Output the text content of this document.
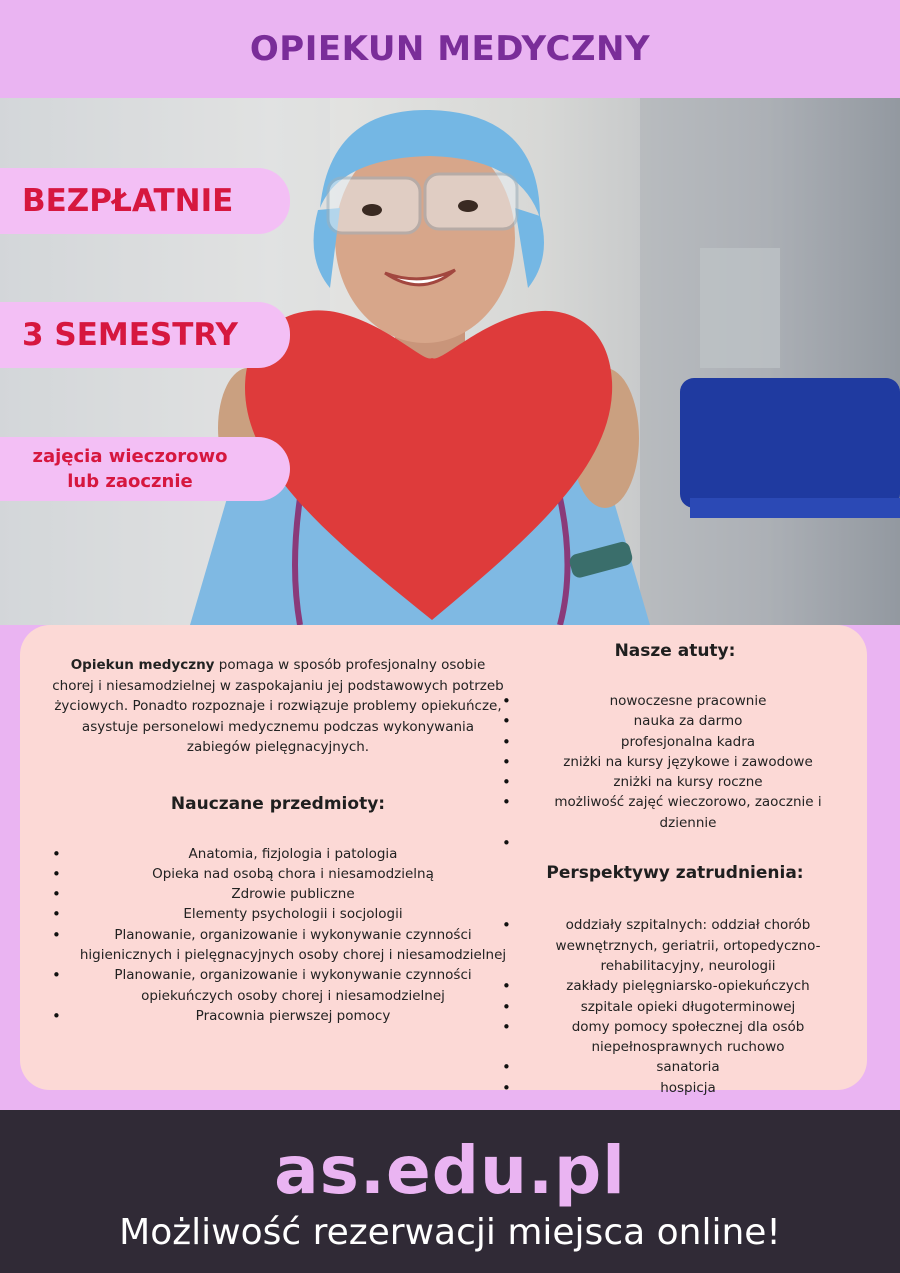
OPIEKUN MEDYCZNY
BEZPŁATNIE
3 SEMESTRY
zajęcia wieczorowo
lub zaocznie

Opiekun medyczny pomaga w sposób profesjonalny osobie chorej i niesamodzielnej w zaspokajaniu jej podstawowych potrzeb życiowych. Ponadto rozpoznaje i rozwiązuje problemy opiekuńcze, asystuje personelowi medycznemu podczas wykonywania zabiegów pielęgnacyjnych.

Nauczane przedmioty:
• Anatomia, fizjologia i patologia
• Opieka nad osobą chora i niesamodzielną
• Zdrowie publiczne
• Elementy psychologii i socjologii
• Planowanie, organizowanie i wykonywanie czynności higienicznych i pielęgnacyjnych osoby chorej i niesamodzielnej
• Planowanie, organizowanie i wykonywanie czynności opiekuńczych osoby chorej i niesamodzielnej
• Pracownia pierwszej pomocy
Nasze atuty:
• nowoczesne pracownie
• nauka za darmo
• profesjonalna kadra
• zniżki na kursy językowe i zawodowe
• zniżki na kursy roczne
• możliwość zajęć wieczorowo, zaocznie i dziennie
•
Perspektywy zatrudnienia:
• oddziały szpitalnych: oddział chorób wewnętrznych, geriatrii, ortopedyczno-rehabilitacyjny, neurologii
• zakłady pielęgniarsko-opiekuńczych
• szpitale opieki długoterminowej
• domy pomocy społecznej dla osób niepełnosprawnych ruchowo
• sanatoria
• hospicja
as.edu.pl
Możliwość rezerwacji miejsca online!
